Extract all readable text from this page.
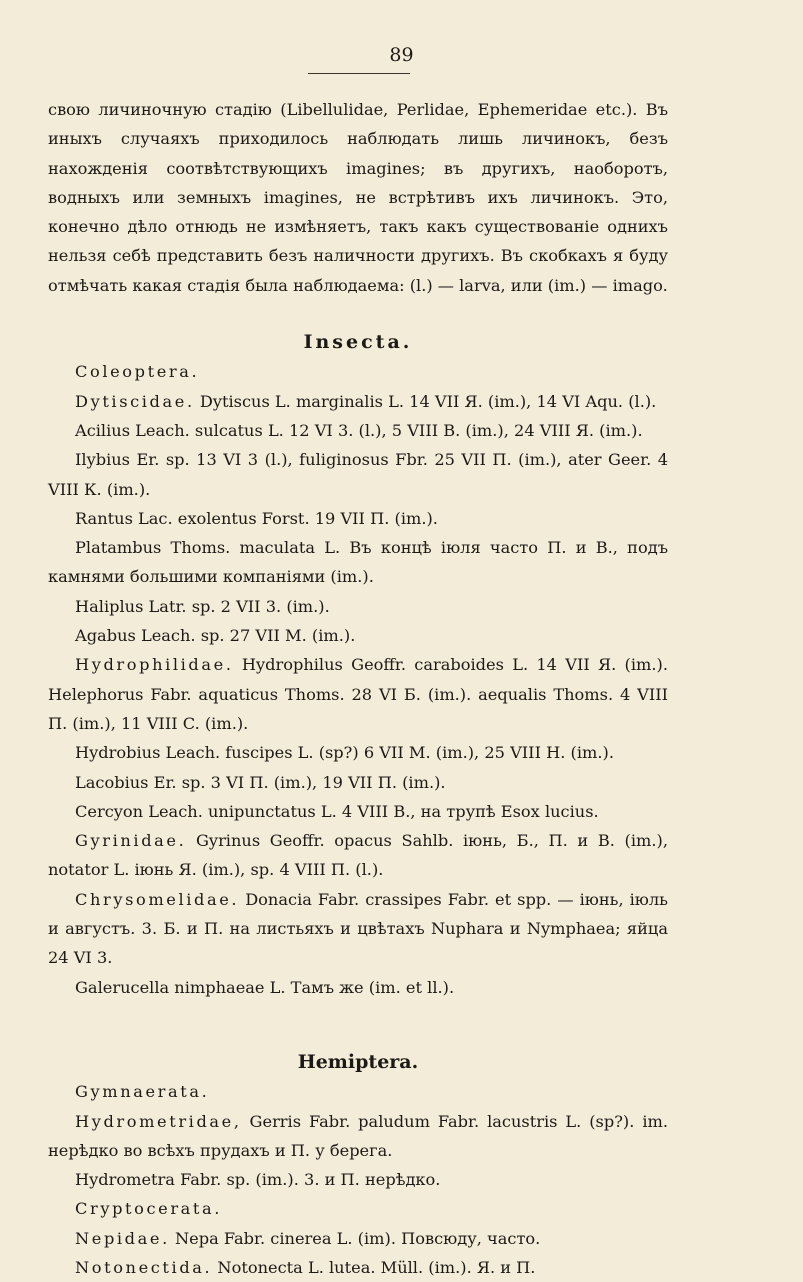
89

свою личиночную стадію (Libellulidae, Perlidae, Ephemeridae etc.). Въ иныхъ случаяхъ приходилось наблюдать лишь личинокъ, безъ нахожденія соотвѣтствующихъ imagines; въ другихъ, наоборотъ, водныхъ или земныхъ imagines, не встрѣтивъ ихъ личинокъ. Это, конечно дѣло отнюдь не измѣняетъ, такъ какъ существованіе однихъ нельзя себѣ представить безъ наличности другихъ. Въ скобкахъ я буду отмѣчать какая стадія была наблюдаема: (l.) — larva, или (im.) — imago.

Insecta.

Coleoptera.

Dytiscidae. Dytiscus L. marginalis L. 14 VII Я. (im.), 14 VI Aqu. (l.).

Acilius Leach. sulcatus L. 12 VI 3. (l.), 5 VIII B. (im.), 24 VIII Я. (im.).

Ilybius Er. sp. 13 VI 3 (l.), fuliginosus Fbr. 25 VII П. (im.), ater Geer. 4 VIII К. (im.).

Rantus Lac. exolentus Forst. 19 VII П. (im.).

Platambus Thoms. maculata L. Въ концѣ іюля часто П. и В., подъ камнями большими компаніями (im.).

Haliplus Latr. sp. 2 VII 3. (im.).

Agabus Leach. sp. 27 VII M. (im.).

Hydrophilidae. Hydrophilus Geoffr. caraboides L. 14 VII Я. (im.). Helephorus Fabr. aquaticus Thoms. 28 VI Б. (im.). aequalis Thoms. 4 VIII П. (im.), 11 VIII C. (im.).

Hydrobius Leach. fuscipes L. (sp?) 6 VII M. (im.), 25 VIII H. (im.).

Lacobius Er. sp. 3 VI П. (im.), 19 VII П. (im.).

Cercyon Leach. unipunctatus L. 4 VIII B., на трупѣ Esox lucius.

Gyrinidae. Gyrinus Geoffr. opacus Sahlb. іюнь, Б., П. и В. (im.), notator L. іюнь Я. (im.), sp. 4 VIII П. (l.).

Chrysomelidae. Donacia Fabr. crassipes Fabr. et spp. — іюнь, іюль и августъ. 3. Б. и П. на листьяхъ и цвѣтахъ Nuphara и Nymphaea; яйца 24 VI 3.

Galerucella nimphaeae L. Тамъ же (im. et ll.).

Hemiptera.

Gymnaerata.

Hydrometridae, Gerris Fabr. paludum Fabr. lacustris L. (sp?). im. нерѣдко во всѣхъ прудахъ и П. у берега.

Hydrometra Fabr. sp. (im.). 3. и П. нерѣдко.

Cryptocerata.

Nepidae. Nepa Fabr. cinerea L. (im). Повсюду, часто.

Notonectida. Notonecta L. lutea. Müll. (im.). Я. и П.
